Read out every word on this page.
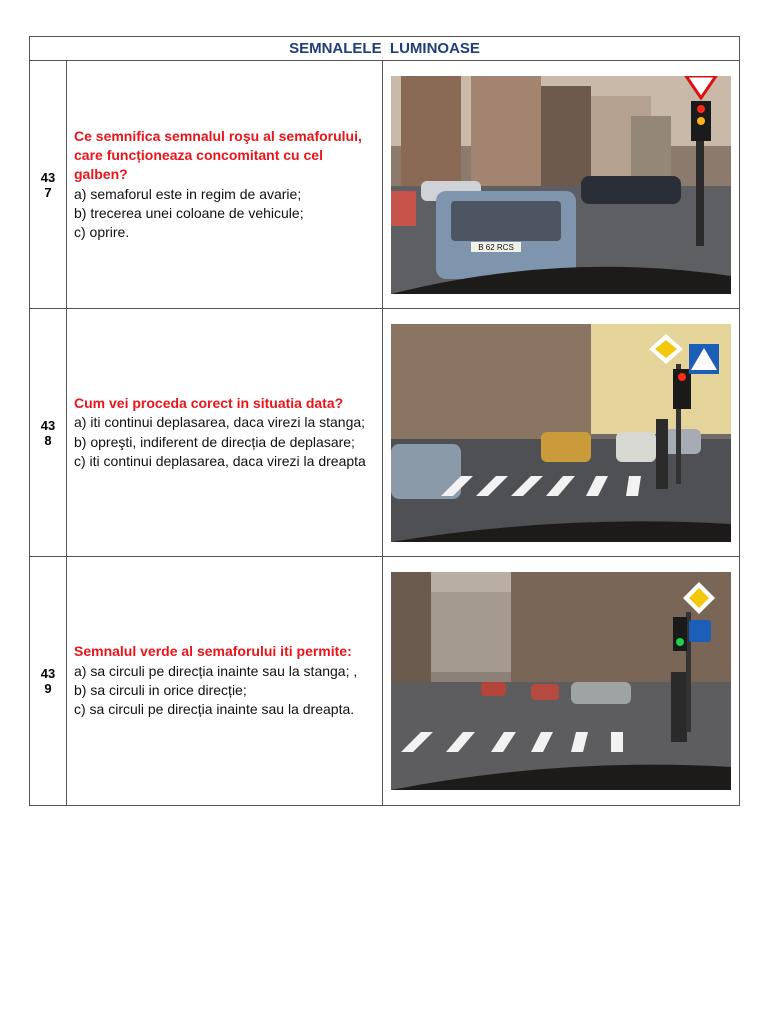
SEMNALELE  LUMINOASE
43
7
Ce semnifica semnalul roşu al semaforului, care funcționeaza concomitant cu cel galben?
a) semaforul este in regim de avarie;
b) trecerea unei coloane de vehicule;
c) oprire.
B 62 RCS
43
8
Cum vei proceda corect in situatia data?
a) iti continui deplasarea, daca virezi la stanga;
b) opreşti, indiferent de direcția de deplasare;
c) iti continui deplasarea, daca virezi la dreapta
43
9
Semnalul verde al semaforului iti permite:
a) sa circuli pe direcția inainte sau la stanga; ,
b) sa circuli in orice direcție;
c) sa circuli pe direcția inainte sau la dreapta.
